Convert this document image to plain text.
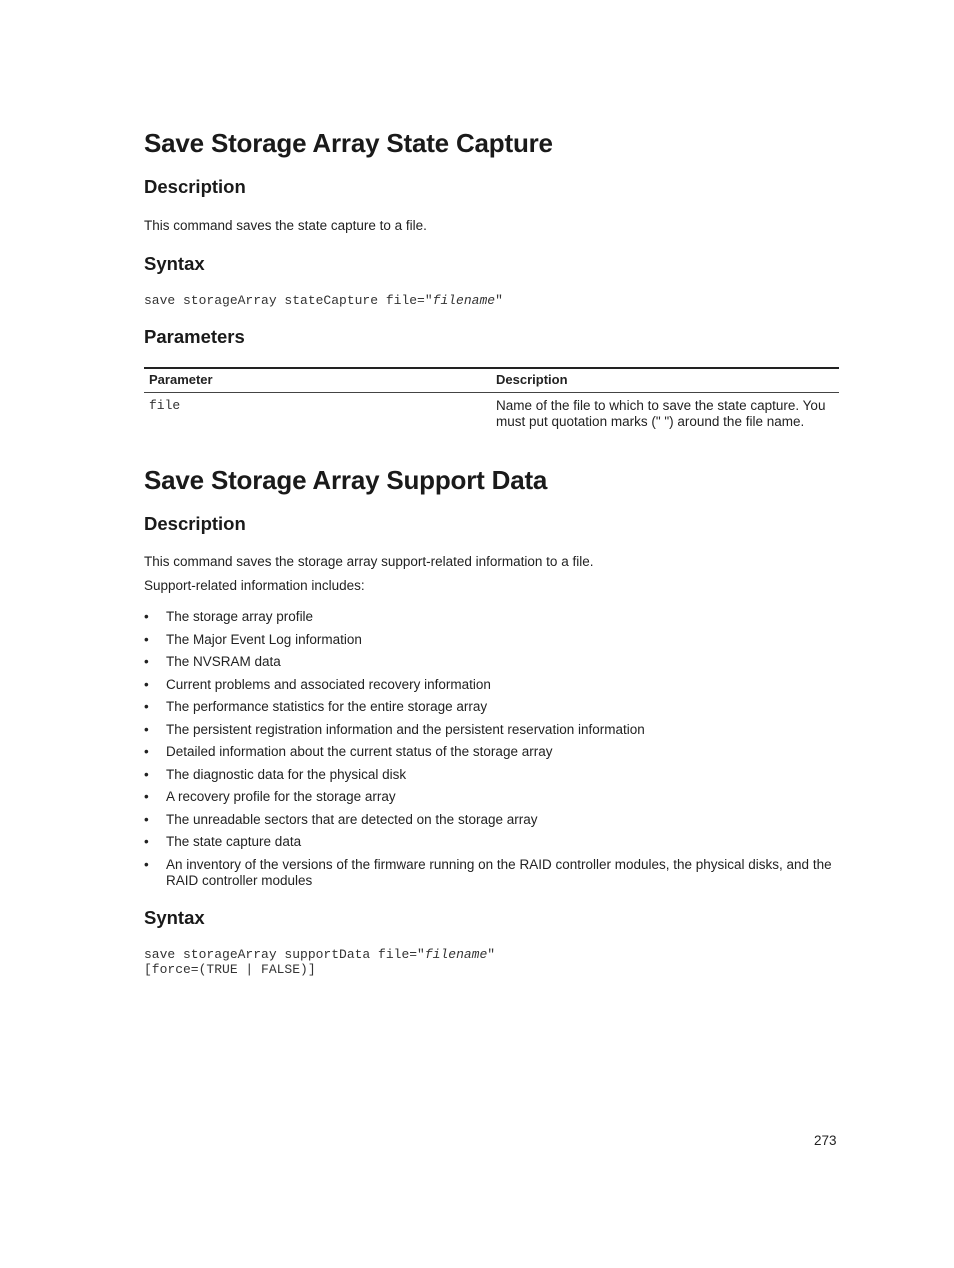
Save Storage Array State Capture
Description

This command saves the state capture to a file.

Syntax
save storageArray stateCapture file="filename"
Parameters
Parameter	Description
file	Name of the file to which to save the state capture. You must put quotation marks (" ") around the file name.
Save Storage Array Support Data
Description

This command saves the storage array support-related information to a file.

Support-related information includes:

• The storage array profile
• The Major Event Log information
• The NVSRAM data
• Current problems and associated recovery information
• The performance statistics for the entire storage array
• The persistent registration information and the persistent reservation information
• Detailed information about the current status of the storage array
• The diagnostic data for the physical disk
• A recovery profile for the storage array
• The unreadable sectors that are detected on the storage array
• The state capture data
• An inventory of the versions of the firmware running on the RAID controller modules, the physical disks, and the RAID controller modules
Syntax
save storageArray supportData file="filename"
[force=(TRUE | FALSE)]
273
